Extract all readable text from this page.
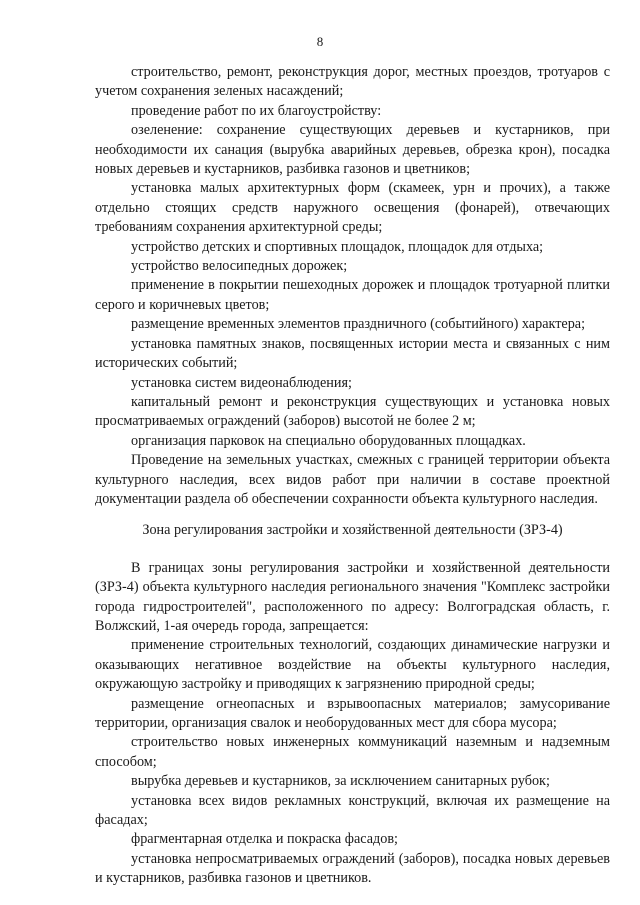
8

строительство, ремонт, реконструкция дорог, местных проездов, тротуаров с учетом сохранения зеленых насаждений;

проведение работ по их благоустройству:

озеленение: сохранение существующих деревьев и кустарников, при необходимости их санация (вырубка аварийных деревьев, обрезка крон), посадка новых деревьев и кустарников, разбивка газонов и цветников;

установка малых архитектурных форм (скамеек, урн и прочих), а также отдельно стоящих средств наружного освещения (фонарей), отвечающих требованиям сохранения архитектурной среды;

устройство детских и спортивных площадок, площадок для отдыха;

устройство велосипедных дорожек;

применение в покрытии пешеходных дорожек и площадок тротуарной плитки серого и коричневых цветов;

размещение временных элементов праздничного (событийного) характера;

установка памятных знаков, посвященных истории места и связанных с ним исторических событий;

установка систем видеонаблюдения;

капитальный ремонт и реконструкция существующих и установка новых просматриваемых ограждений (заборов) высотой не более 2 м;

организация парковок на специально оборудованных площадках.

Проведение на земельных участках, смежных с границей территории объекта культурного наследия, всех видов работ при наличии в составе проектной документации раздела об обеспечении сохранности объекта культурного наследия.

Зона регулирования застройки и хозяйственной деятельности (ЗРЗ-4)

В границах зоны регулирования застройки и хозяйственной деятельности (ЗРЗ-4) объекта культурного наследия регионального значения "Комплекс застройки города гидростроителей", расположенного по адресу: Волгоградская область, г. Волжский, 1-ая очередь города, запрещается:

применение строительных технологий, создающих динамические нагрузки и оказывающих негативное воздействие на объекты культурного наследия, окружающую застройку и приводящих к загрязнению природной среды;

размещение огнеопасных и взрывоопасных материалов; замусоривание территории, организация свалок и необорудованных мест для сбора мусора;

строительство новых инженерных коммуникаций наземным и надземным способом;

вырубка деревьев и кустарников, за исключением санитарных рубок;

установка всех видов рекламных конструкций, включая их размещение на фасадах;

фрагментарная отделка и покраска фасадов;

установка непросматриваемых ограждений (заборов), посадка новых деревьев и кустарников, разбивка газонов и цветников.
